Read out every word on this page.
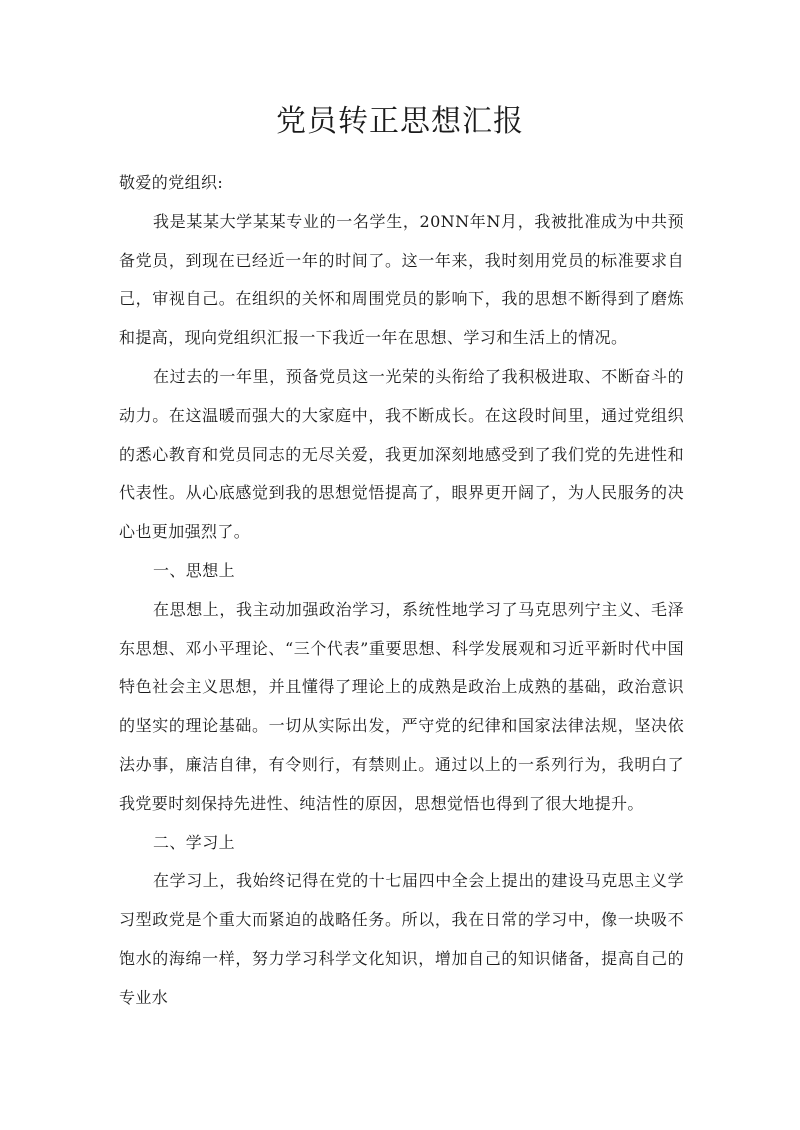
党员转正思想汇报

敬爱的党组织:

我是某某大学某某专业的一名学生，20NN年N月，我被批准成为中共预备党员，到现在已经近一年的时间了。这一年来，我时刻用党员的标准要求自己，审视自己。在组织的关怀和周围党员的影响下，我的思想不断得到了磨炼和提高，现向党组织汇报一下我近一年在思想、学习和生活上的情况。

在过去的一年里，预备党员这一光荣的头衔给了我积极进取、不断奋斗的动力。在这温暖而强大的大家庭中，我不断成长。在这段时间里，通过党组织的悉心教育和党员同志的无尽关爱，我更加深刻地感受到了我们党的先进性和代表性。从心底感觉到我的思想觉悟提高了，眼界更开阔了，为人民服务的决心也更加强烈了。

一、思想上

在思想上，我主动加强政治学习，系统性地学习了马克思列宁主义、毛泽东思想、邓小平理论、“三个代表”重要思想、科学发展观和习近平新时代中国特色社会主义思想，并且懂得了理论上的成熟是政治上成熟的基础，政治意识的坚实的理论基础。一切从实际出发，严守党的纪律和国家法律法规，坚决依法办事，廉洁自律，有令则行，有禁则止。通过以上的一系列行为，我明白了我党要时刻保持先进性、纯洁性的原因，思想觉悟也得到了很大地提升。

二、学习上

在学习上，我始终记得在党的十七届四中全会上提出的建设马克思主义学习型政党是个重大而紧迫的战略任务。所以，我在日常的学习中，像一块吸不饱水的海绵一样，努力学习科学文化知识，增加自己的知识储备，提高自己的专业水
